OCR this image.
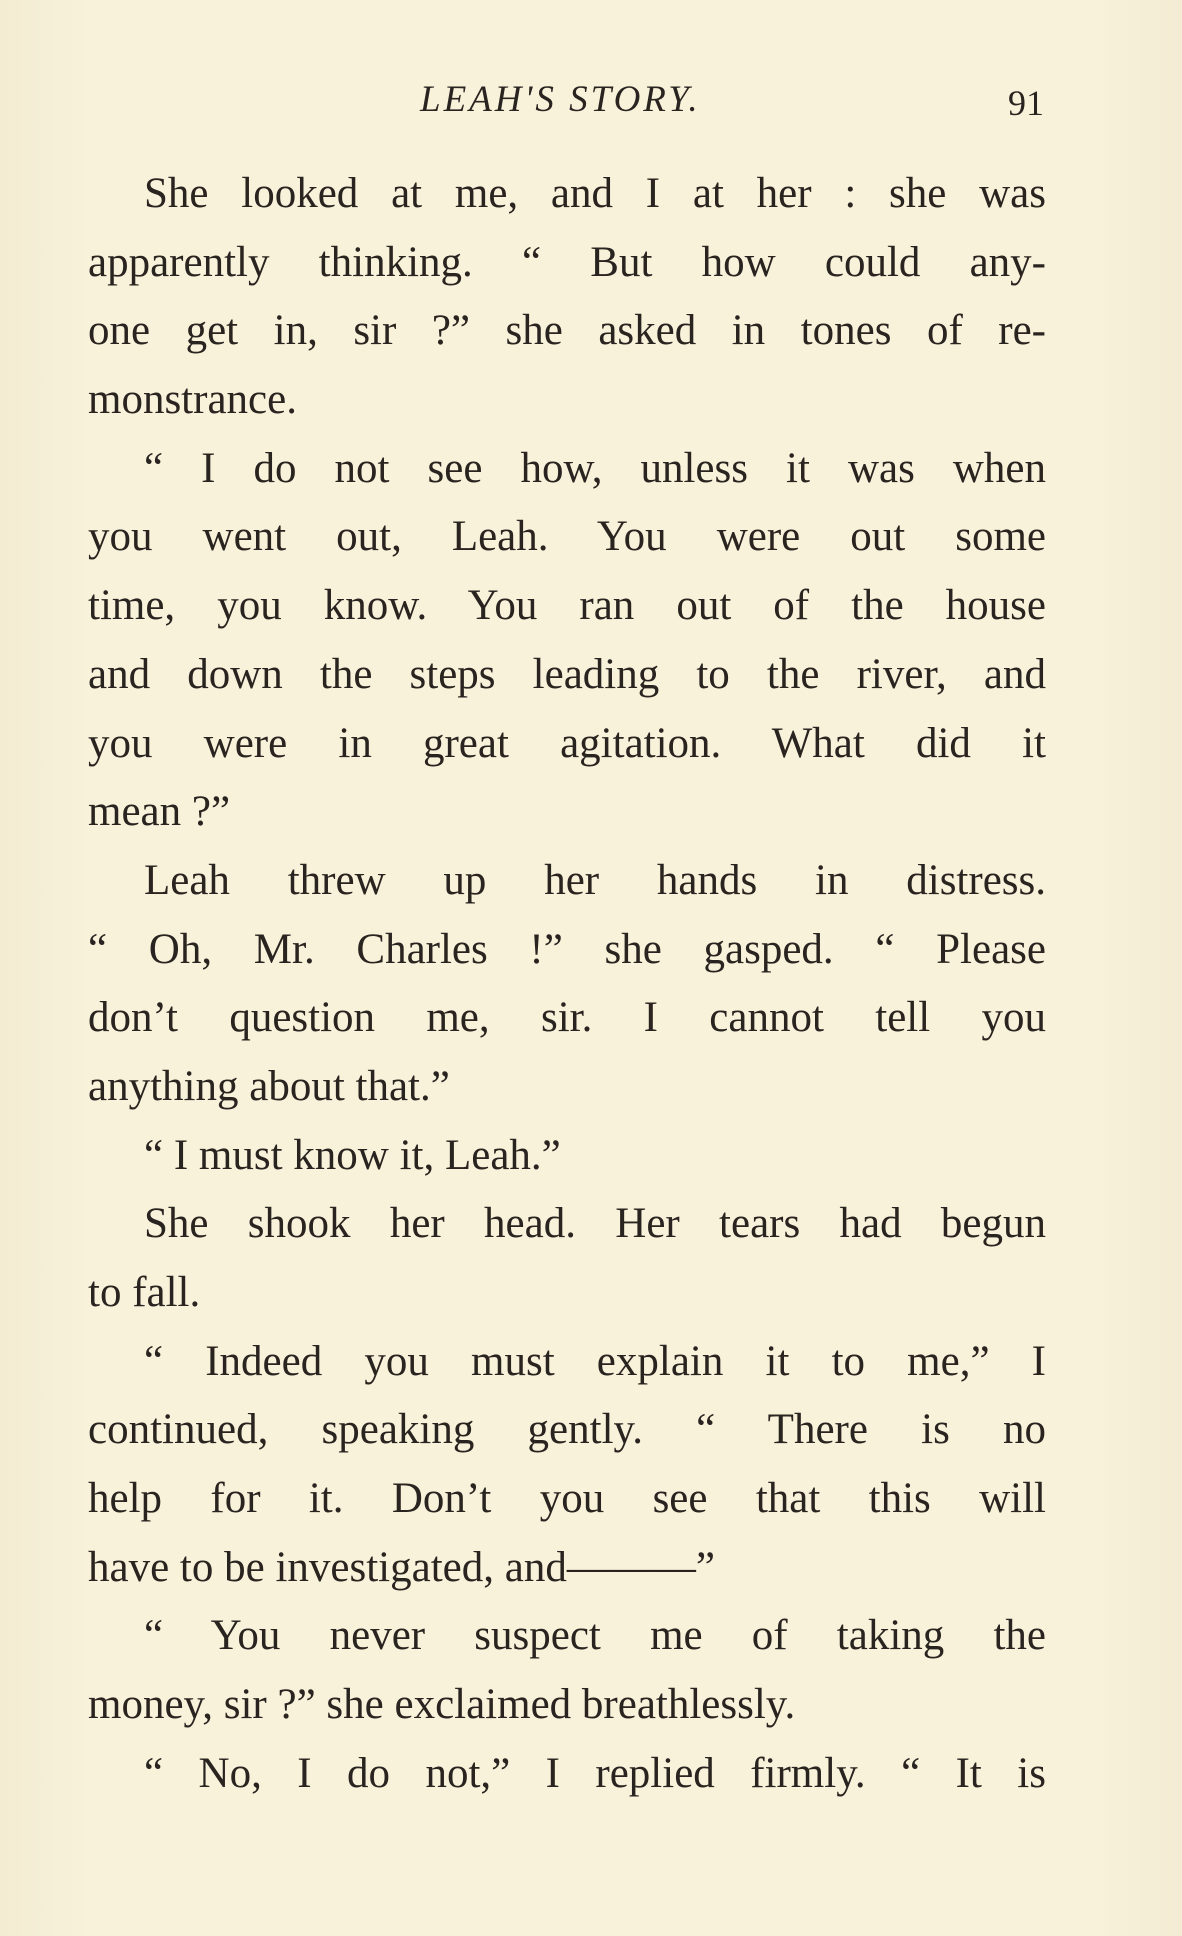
LEAH'S STORY.	91
She looked at me, and I at her : she was
apparently thinking. “ But how could any-
one get in, sir ?” she asked in tones of re-
monstrance.
“ I do not see how, unless it was when
you went out, Leah. You were out some
time, you know. You ran out of the house
and down the steps leading to the river, and
you were in great agitation. What did it
mean ?”
Leah threw up her hands in distress.
“ Oh, Mr. Charles !” she gasped. “ Please
don’t question me, sir. I cannot tell you
anything about that.”
“ I must know it, Leah.”
She shook her head. Her tears had begun
to fall.
“ Indeed you must explain it to me,” I
continued, speaking gently. “ There is no
help for it. Don’t you see that this will
have to be investigated, and———”
“ You never suspect me of taking the
money, sir ?” she exclaimed breathlessly.
“ No, I do not,” I replied firmly. “ It is
